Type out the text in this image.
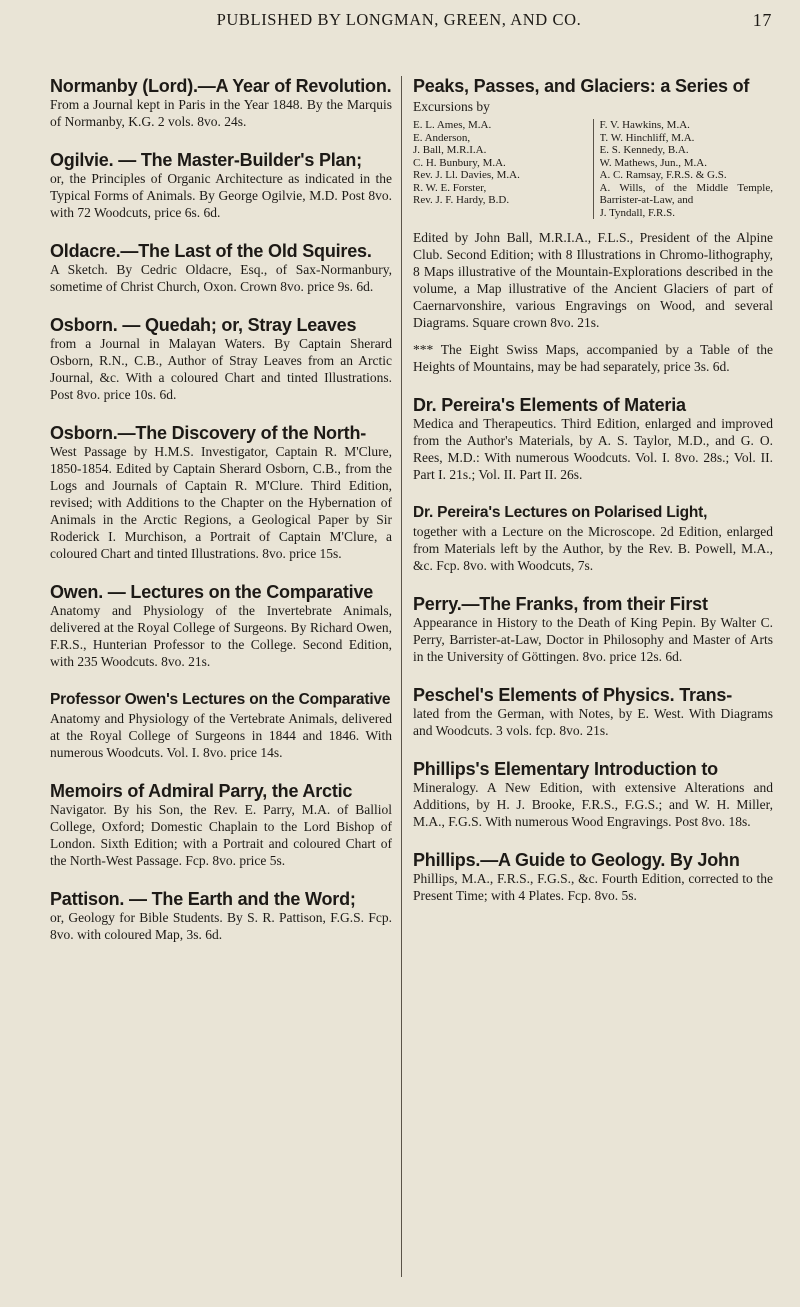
PUBLISHED BY LONGMAN, GREEN, AND CO.	17
Normanby (Lord).—A Year of Revolution.

From a Journal kept in Paris in the Year 1848. By the Marquis of Normanby, K.G. 2 vols. 8vo. 24s.

Ogilvie. — The Master-Builder's Plan;

or, the Principles of Organic Architecture as indicated in the Typical Forms of Animals. By George Ogilvie, M.D. Post 8vo. with 72 Woodcuts, price 6s. 6d.

Oldacre.—The Last of the Old Squires.

A Sketch. By Cedric Oldacre, Esq., of Sax-Normanbury, sometime of Christ Church, Oxon. Crown 8vo. price 9s. 6d.

Osborn. — Quedah; or, Stray Leaves

from a Journal in Malayan Waters. By Captain Sherard Osborn, R.N., C.B., Author of Stray Leaves from an Arctic Journal, &c. With a coloured Chart and tinted Illustrations. Post 8vo. price 10s. 6d.

Osborn.—The Discovery of the North-

West Passage by H.M.S. Investigator, Captain R. M'Clure, 1850-1854. Edited by Captain Sherard Osborn, C.B., from the Logs and Journals of Captain R. M'Clure. Third Edition, revised; with Additions to the Chapter on the Hybernation of Animals in the Arctic Regions, a Geological Paper by Sir Roderick I. Murchison, a Portrait of Captain M'Clure, a coloured Chart and tinted Illustrations. 8vo. price 15s.

Owen. — Lectures on the Comparative

Anatomy and Physiology of the Invertebrate Animals, delivered at the Royal College of Surgeons. By Richard Owen, F.R.S., Hunterian Professor to the College. Second Edition, with 235 Woodcuts. 8vo. 21s.

Professor Owen's Lectures on the Comparative

Anatomy and Physiology of the Vertebrate Animals, delivered at the Royal College of Surgeons in 1844 and 1846. With numerous Woodcuts. Vol. I. 8vo. price 14s.

Memoirs of Admiral Parry, the Arctic

Navigator. By his Son, the Rev. E. Parry, M.A. of Balliol College, Oxford; Domestic Chaplain to the Lord Bishop of London. Sixth Edition; with a Portrait and coloured Chart of the North-West Passage. Fcp. 8vo. price 5s.

Pattison. — The Earth and the Word;

or, Geology for Bible Students. By S. R. Pattison, F.G.S. Fcp. 8vo. with coloured Map, 3s. 6d.

Peaks, Passes, and Glaciers: a Series of
Excursions by
E. L. Ames, M.A.
E. Anderson,
J. Ball, M.R.I.A.
C. H. Bunbury, M.A.
Rev. J. Ll. Davies, M.A.
R. W. E. Forster,
Rev. J. F. Hardy, B.D.
F. V. Hawkins, M.A.
T. W. Hinchliff, M.A.
E. S. Kennedy, B.A.
W. Mathews, Jun., M.A.
A. C. Ramsay, F.R.S. & G.S.
A. Wills, of the Middle Temple, Barrister-at-Law, and
J. Tyndall, F.R.S.

Edited by John Ball, M.R.I.A., F.L.S., President of the Alpine Club. Second Edition; with 8 Illustrations in Chromo-lithography, 8 Maps illustrative of the Mountain-Explorations described in the volume, a Map illustrative of the Ancient Glaciers of part of Caernarvonshire, various Engravings on Wood, and several Diagrams. Square crown 8vo. 21s.

*** The Eight Swiss Maps, accompanied by a Table of the Heights of Mountains, may be had separately, price 3s. 6d.
Dr. Pereira's Elements of Materia

Medica and Therapeutics. Third Edition, enlarged and improved from the Author's Materials, by A. S. Taylor, M.D., and G. O. Rees, M.D.: With numerous Woodcuts. Vol. I. 8vo. 28s.; Vol. II. Part I. 21s.; Vol. II. Part II. 26s.

Dr. Pereira's Lectures on Polarised Light,

together with a Lecture on the Microscope. 2d Edition, enlarged from Materials left by the Author, by the Rev. B. Powell, M.A., &c. Fcp. 8vo. with Woodcuts, 7s.

Perry.—The Franks, from their First

Appearance in History to the Death of King Pepin. By Walter C. Perry, Barrister-at-Law, Doctor in Philosophy and Master of Arts in the University of Göttingen. 8vo. price 12s. 6d.

Peschel's Elements of Physics. Trans-

lated from the German, with Notes, by E. West. With Diagrams and Woodcuts. 3 vols. fcp. 8vo. 21s.

Phillips's Elementary Introduction to

Mineralogy. A New Edition, with extensive Alterations and Additions, by H. J. Brooke, F.R.S., F.G.S.; and W. H. Miller, M.A., F.G.S. With numerous Wood Engravings. Post 8vo. 18s.

Phillips.—A Guide to Geology. By John

Phillips, M.A., F.R.S., F.G.S., &c. Fourth Edition, corrected to the Present Time; with 4 Plates. Fcp. 8vo. 5s.
